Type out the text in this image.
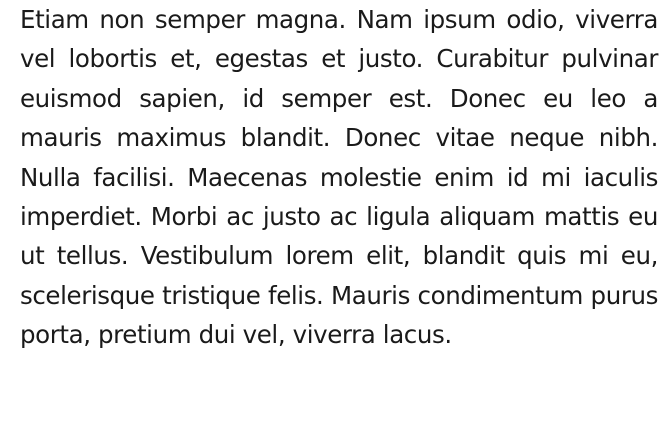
Etiam non semper magna. Nam ipsum odio, viverra vel lobortis et, egestas et justo. Curabitur pulvinar euismod sapien, id semper est. Donec eu leo a mauris maximus blandit. Donec vitae neque nibh. Nulla facilisi. Maecenas molestie enim id mi iaculis imperdiet. Morbi ac justo ac ligula aliquam mattis eu ut tellus. Vestibulum lorem elit, blandit quis mi eu, scelerisque tristique felis. Mauris condimentum purus porta, pretium dui vel, viverra lacus.
